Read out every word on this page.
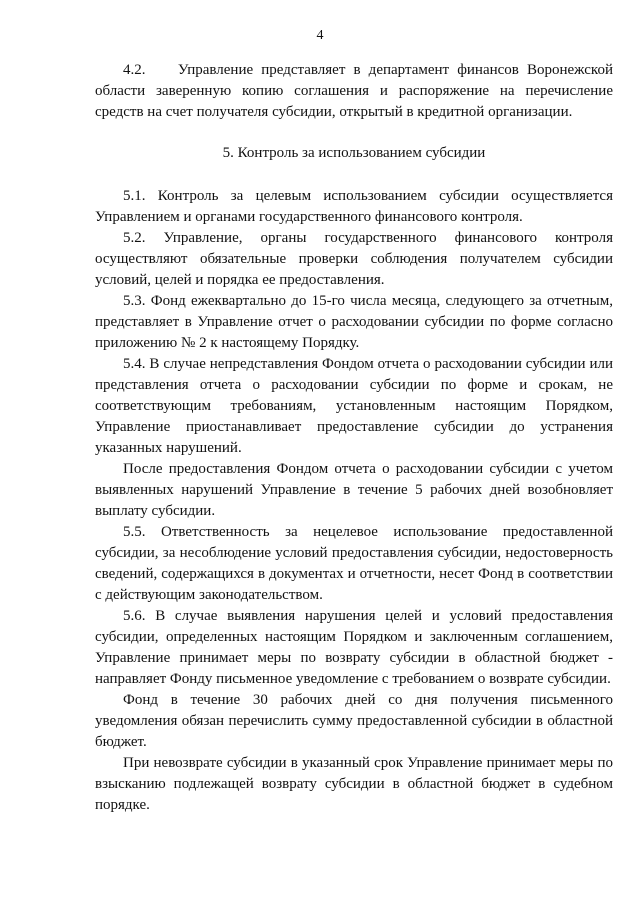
4

4.2.    Управление представляет в департамент финансов Воронежской области заверенную копию соглашения и распоряжение на перечисление средств на счет получателя субсидии, открытый в кредитной организации.

5. Контроль за использованием субсидии

5.1. Контроль за целевым использованием субсидии осуществляется Управлением и органами государственного финансового контроля.

5.2. Управление, органы государственного финансового контроля осуществляют обязательные проверки соблюдения получателем субсидии условий, целей и порядка ее предоставления.

5.3. Фонд ежеквартально до 15-го числа месяца, следующего за отчетным, представляет в Управление отчет о расходовании субсидии по форме согласно приложению № 2 к настоящему Порядку.

5.4. В случае непредставления Фондом отчета о расходовании субсидии или представления отчета о расходовании субсидии по форме и срокам, не соответствующим требованиям, установленным настоящим Порядком, Управление приостанавливает предоставление субсидии до устранения указанных нарушений.

После предоставления Фондом отчета о расходовании субсидии с учетом выявленных нарушений Управление в течение 5 рабочих дней возобновляет выплату субсидии.

5.5. Ответственность за нецелевое использование предоставленной субсидии, за несоблюдение условий предоставления субсидии, недостоверность сведений, содержащихся в документах и отчетности, несет Фонд в соответствии с действующим законодательством.

5.6. В случае выявления нарушения целей и условий предоставления субсидии, определенных настоящим Порядком и заключенным соглашением, Управление принимает меры по возврату субсидии в областной бюджет - направляет Фонду письменное уведомление с требованием о возврате субсидии.

Фонд в течение 30 рабочих дней со дня получения письменного уведомления обязан перечислить сумму предоставленной субсидии в областной бюджет.

При невозврате субсидии в указанный срок Управление принимает меры по взысканию подлежащей возврату субсидии в областной бюджет в судебном порядке.
